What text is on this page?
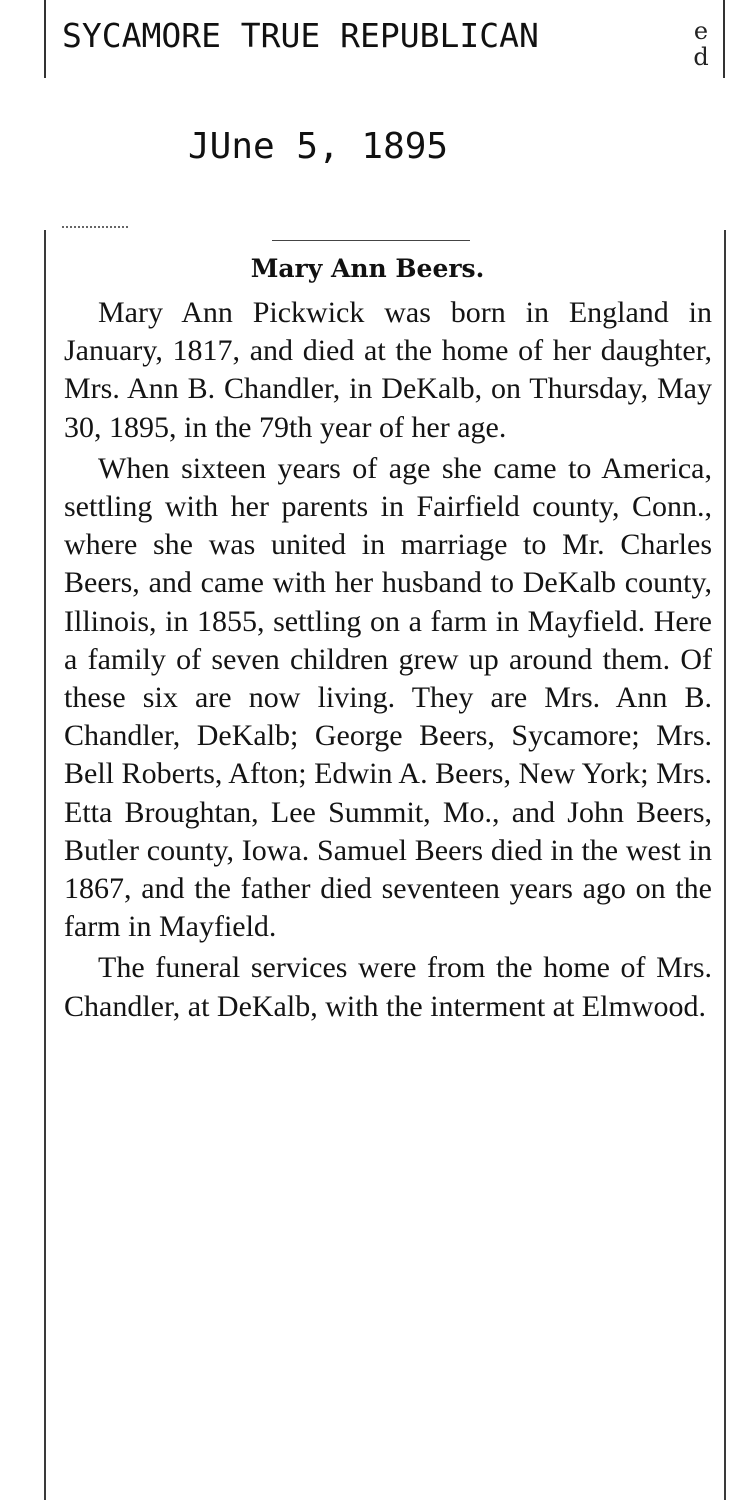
SYCAMORE TRUE REPUBLICAN	e
d
JUne 5, 1895
Mary Ann Beers.

Mary Ann Pickwick was born in England in January, 1817, and died at the home of her daughter, Mrs. Ann B. Chandler, in DeKalb, on Thursday, May 30, 1895, in the 79th year of her age.

When sixteen years of age she came to America, settling with her parents in Fairfield county, Conn., where she was united in marriage to Mr. Charles Beers, and came with her husband to DeKalb county, Illinois, in 1855, settling on a farm in Mayfield. Here a family of seven children grew up around them. Of these six are now living. They are Mrs. Ann B. Chandler, DeKalb; George Beers, Sycamore; Mrs. Bell Roberts, Afton; Edwin A. Beers, New York; Mrs. Etta Broughtan, Lee Summit, Mo., and John Beers, Butler county, Iowa. Samuel Beers died in the west in 1867, and the father died seventeen years ago on the farm in Mayfield.

The funeral services were from the home of Mrs. Chandler, at DeKalb, with the interment at Elmwood.
